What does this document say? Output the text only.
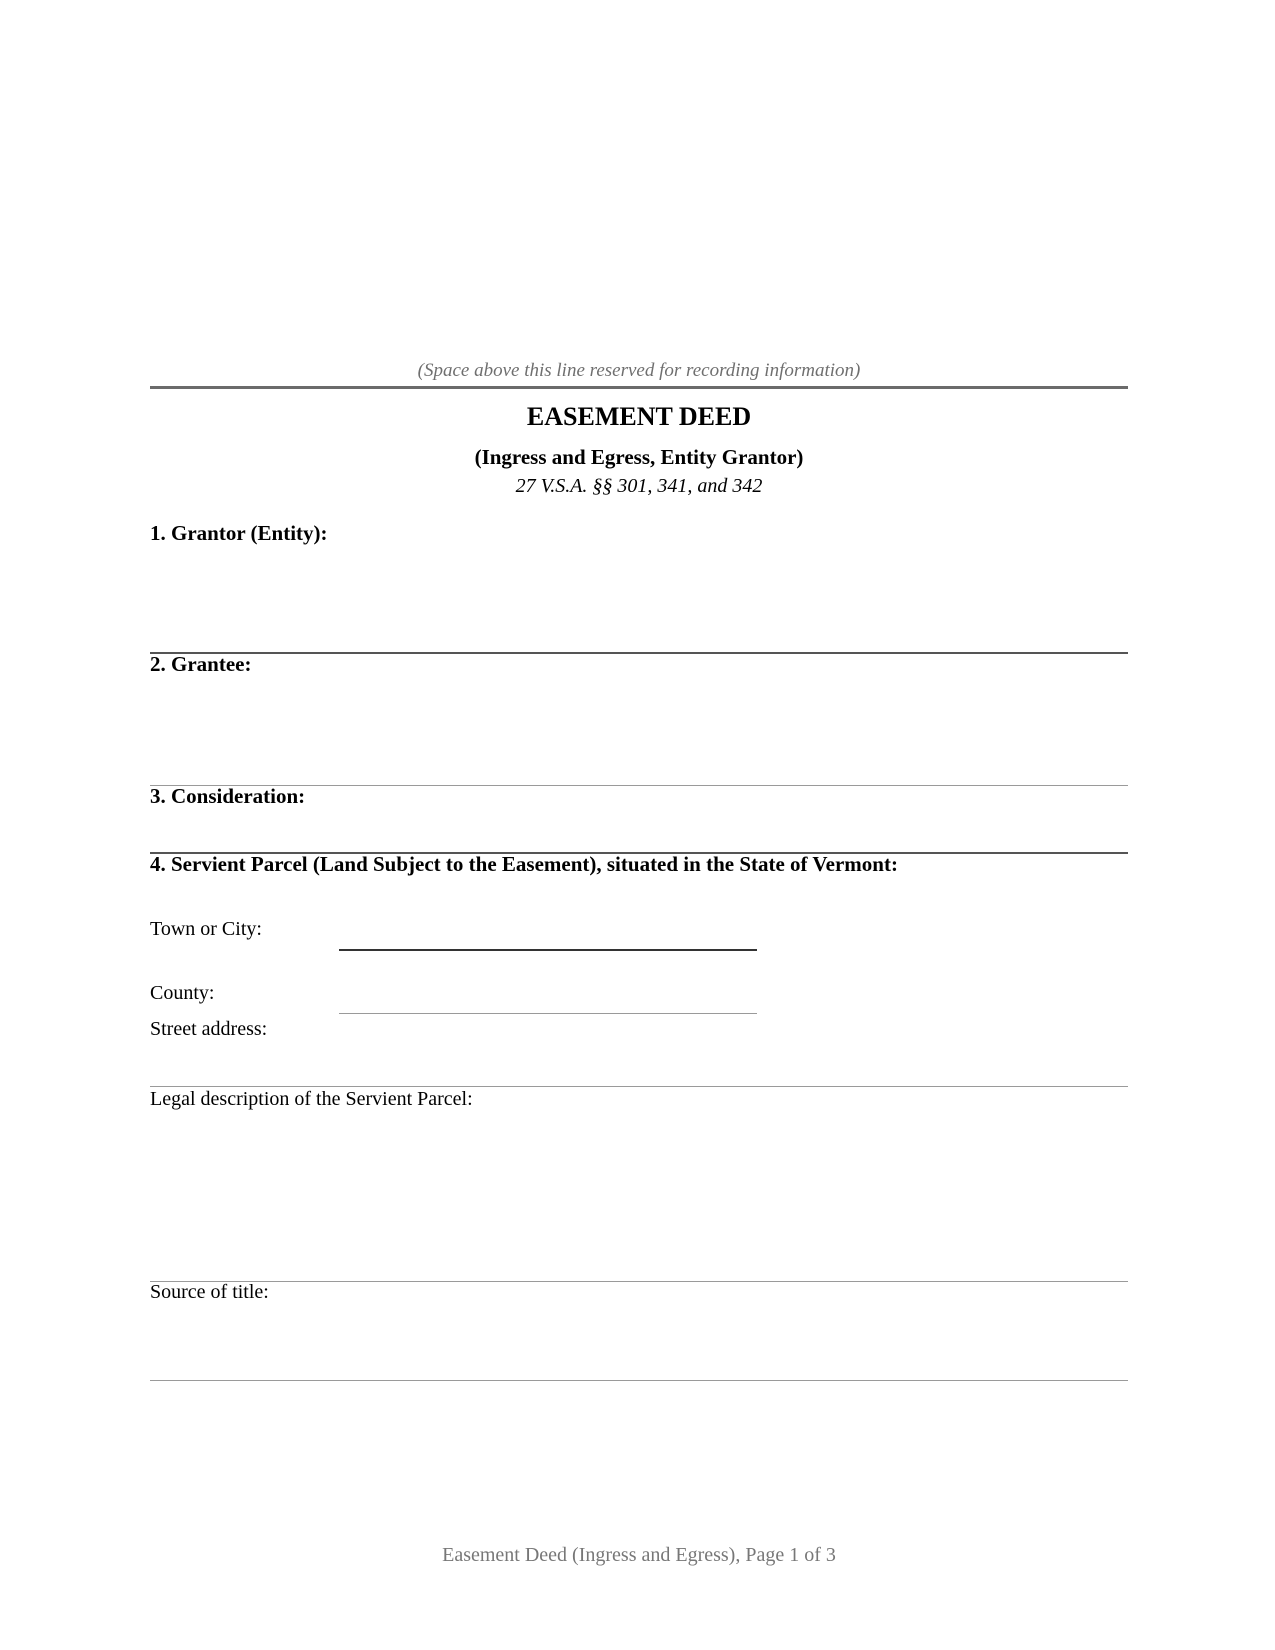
(Space above this line reserved for recording information)
EASEMENT DEED
(Ingress and Egress, Entity Grantor)
27 V.S.A. §§ 301, 341, and 342
1. Grantor (Entity):
2. Grantee:
3. Consideration:
4. Servient Parcel (Land Subject to the Easement), situated in the State of Vermont:
Town or City:
County:
Street address:
Legal description of the Servient Parcel:
Source of title:
Easement Deed (Ingress and Egress), Page 1 of 3
